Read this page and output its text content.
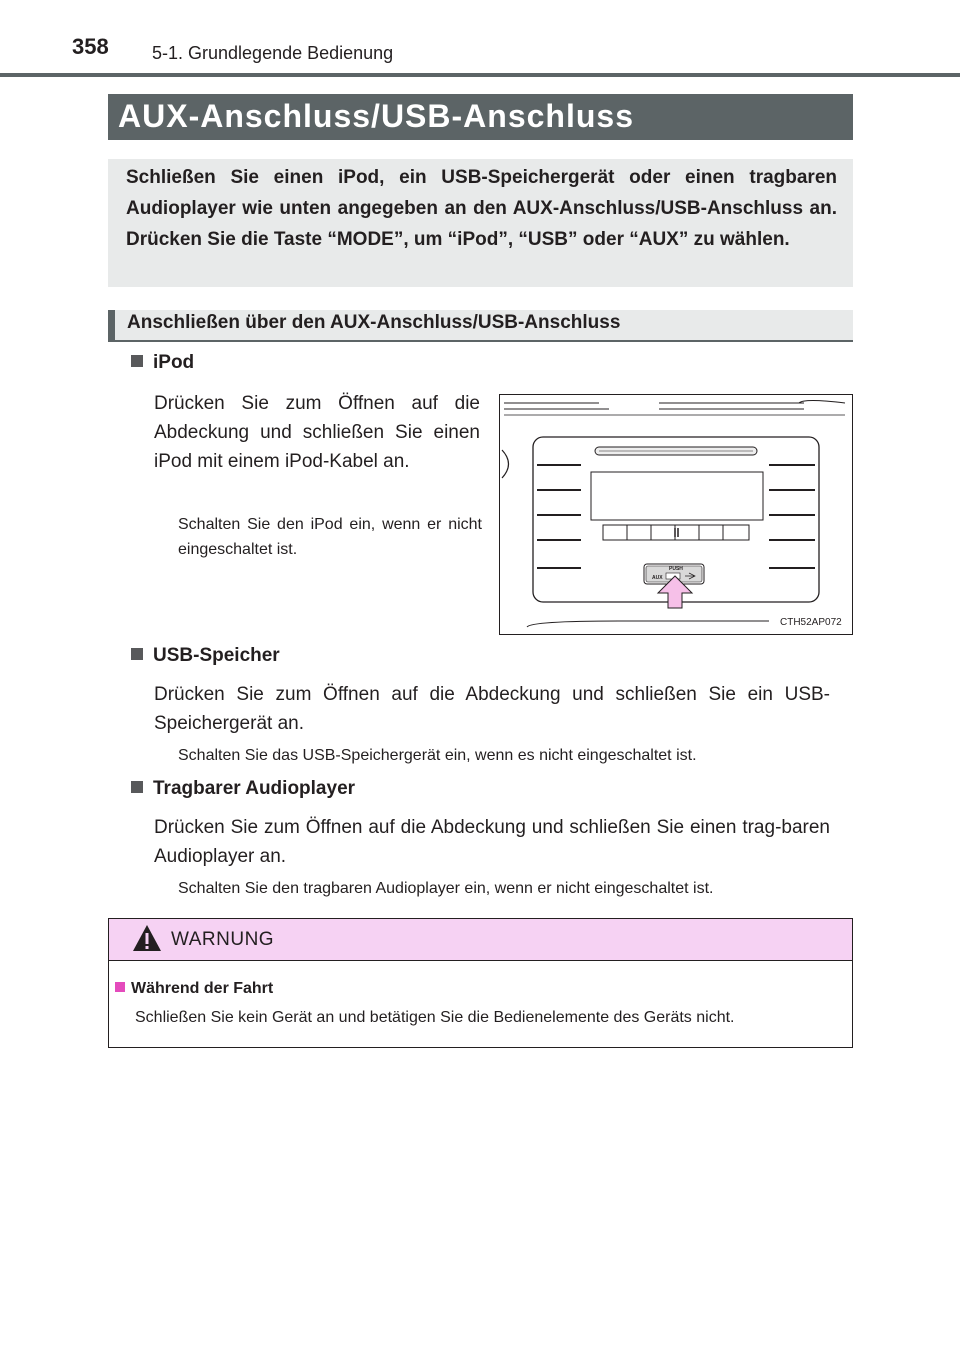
358 5-1. Grundlegende Bedienung
AUX-Anschluss/USB-Anschluss

Schließen Sie einen iPod, ein USB-Speichergerät oder einen tragbaren Audioplayer wie unten angegeben an den AUX-Anschluss/USB-Anschluss an. Drücken Sie die Taste “MODE”, um “iPod”, “USB” oder “AUX” zu wählen.

Anschließen über den AUX-Anschluss/USB-Anschluss
iPod

Drücken Sie zum Öffnen auf die Abdeckung und schließen Sie einen iPod mit einem iPod-Kabel an.

Schalten Sie den iPod ein, wenn er nicht eingeschaltet ist.

PUSH
AUX
CTH52AP072
USB-Speicher

Drücken Sie zum Öffnen auf die Abdeckung und schließen Sie ein USB-Speichergerät an.

Schalten Sie das USB-Speichergerät ein, wenn es nicht eingeschaltet ist.

Tragbarer Audioplayer

Drücken Sie zum Öffnen auf die Abdeckung und schließen Sie einen trag-baren Audioplayer an.

Schalten Sie den tragbaren Audioplayer ein, wenn er nicht eingeschaltet ist.

WARNUNG
Während der Fahrt
Schließen Sie kein Gerät an und betätigen Sie die Bedienelemente des Geräts nicht.
